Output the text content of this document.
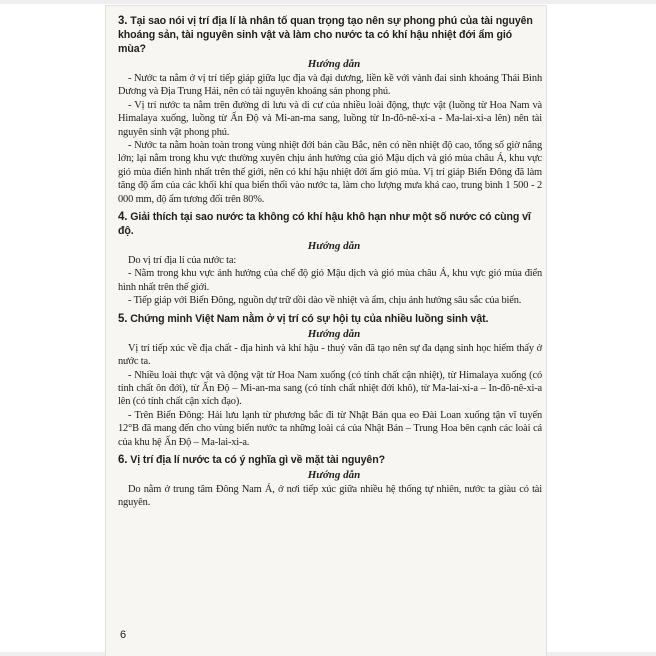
3. Tại sao nói vị trí địa lí là nhân tố quan trọng tạo nên sự phong phú của tài nguyên khoáng sản, tài nguyên sinh vật và làm cho nước ta có khí hậu nhiệt đới ẩm gió mùa?

Hướng dẫn

- Nước ta nằm ở vị trí tiếp giáp giữa lục địa và đại dương, liền kề với vành đai sinh khoáng Thái Bình Dương và Địa Trung Hải, nên có tài nguyên khoáng sản phong phú.

- Vị trí nước ta nằm trên đường di lưu và di cư của nhiều loài động, thực vật (luồng từ Hoa Nam và Himalaya xuống, luồng từ Ấn Độ và Mi-an-ma sang, luồng từ In-đô-nê-xi-a - Ma-lai-xi-a lên) nên tài nguyên sinh vật phong phú.

- Nước ta nằm hoàn toàn trong vùng nhiệt đới bán cầu Bắc, nên có nền nhiệt độ cao, tổng số giờ nắng lớn; lại nằm trong khu vực thường xuyên chịu ảnh hưởng của gió Mậu dịch và gió mùa châu Á, khu vực gió mùa điển hình nhất trên thế giới, nên có khí hậu nhiệt đới ẩm gió mùa. Vị trí giáp Biển Đông đã làm tăng độ ẩm của các khối khí qua biển thổi vào nước ta, làm cho lượng mưa khá cao, trung bình 1 500 - 2 000 mm, độ ẩm tương đối trên 80%.

4. Giải thích tại sao nước ta không có khí hậu khô hạn như một số nước có cùng vĩ độ.

Hướng dẫn

Do vị trí địa lí của nước ta:

- Nằm trong khu vực ảnh hưởng của chế độ gió Mậu dịch và gió mùa châu Á, khu vực gió mùa điển hình nhất trên thế giới.

- Tiếp giáp với Biển Đông, nguồn dự trữ dồi dào về nhiệt và ẩm, chịu ảnh hưởng sâu sắc của biển.

5. Chứng minh Việt Nam nằm ở vị trí có sự hội tụ của nhiều luồng sinh vật.

Hướng dẫn

Vị trí tiếp xúc về địa chất - địa hình và khí hậu - thuỷ văn đã tạo nên sự đa dạng sinh học hiếm thấy ở nước ta.

- Nhiều loài thực vật và động vật từ Hoa Nam xuống (có tính chất cận nhiệt), từ Himalaya xuống (có tính chất ôn đới), từ Ấn Độ – Mi-an-ma sang (có tính chất nhiệt đới khô), từ Ma-lai-xi-a – In-đô-nê-xi-a lên (có tính chất cận xích đạo).

- Trên Biển Đông: Hải lưu lạnh từ phương bắc đi từ Nhật Bản qua eo Đài Loan xuống tận vĩ tuyến 12°B đã mang đến cho vùng biển nước ta những loài cá của Nhật Bản – Trung Hoa bên cạnh các loài cá của khu hệ Ấn Độ – Ma-lai-xi-a.

6. Vị trí địa lí nước ta có ý nghĩa gì về mặt tài nguyên?

Hướng dẫn

Do nằm ở trung tâm Đông Nam Á, ở nơi tiếp xúc giữa nhiều hệ thống tự nhiên, nước ta giàu có tài nguyên.

6
